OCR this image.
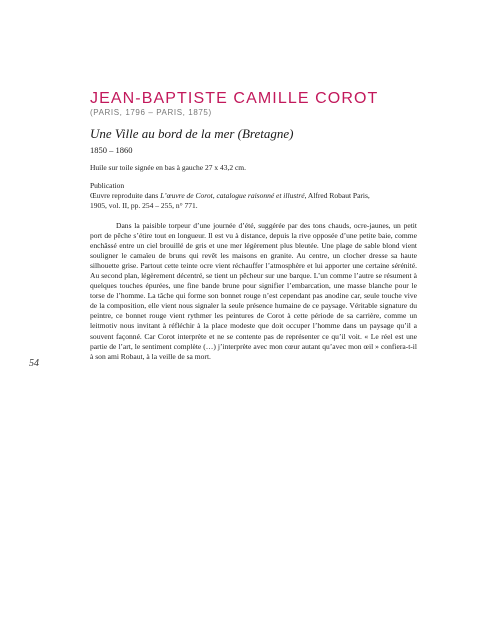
JEAN-BAPTISTE CAMILLE COROT
(PARIS, 1796 – PARIS, 1875)
Une Ville au bord de la mer (Bretagne)
1850 – 1860
Huile sur toile signée en bas à gauche 27 x 43,2 cm.
Publication
Œuvre reproduite dans L’œuvre de Corot, catalogue raisonné et illustré, Alfred Robaut Paris,
1905, vol. II, pp. 254 – 255, n° 771.

Dans la paisible torpeur d’une journée d’été, suggérée par des tons chauds, ocre-jaunes, un petit port de pêche s’étire tout en longueur. Il est vu à distance, depuis la rive opposée d’une petite baie, comme enchâssé entre un ciel brouillé de gris et une mer légèrement plus bleutée. Une plage de sable blond vient souligner le camaïeu de bruns qui revêt les maisons en granite. Au centre, un clocher dresse sa haute silhouette grise. Partout cette teinte ocre vient réchauffer l’atmosphère et lui apporter une certaine sérénité. Au second plan, légèrement décentré, se tient un pêcheur sur une barque. L’un comme l’autre se résument à quelques touches épurées, une fine bande brune pour signifier l’embarcation, une masse blanche pour le torse de l’homme. La tâche qui forme son bonnet rouge n’est cependant pas anodine car, seule touche vive de la composition, elle vient nous signaler la seule présence humaine de ce paysage. Véritable signature du peintre, ce bonnet rouge vient rythmer les peintures de Corot à cette période de sa carrière, comme un leitmotiv nous invitant à réfléchir à la place modeste que doit occuper l’homme dans un paysage qu’il a souvent façonné. Car Corot interprète et ne se contente pas de représenter ce qu’il voit. « Le réel est une partie de l’art, le sentiment complète (…) j’interprète avec mon cœur autant qu’avec mon œil » confiera-t-il à son ami Robaut, à la veille de sa mort.

54
